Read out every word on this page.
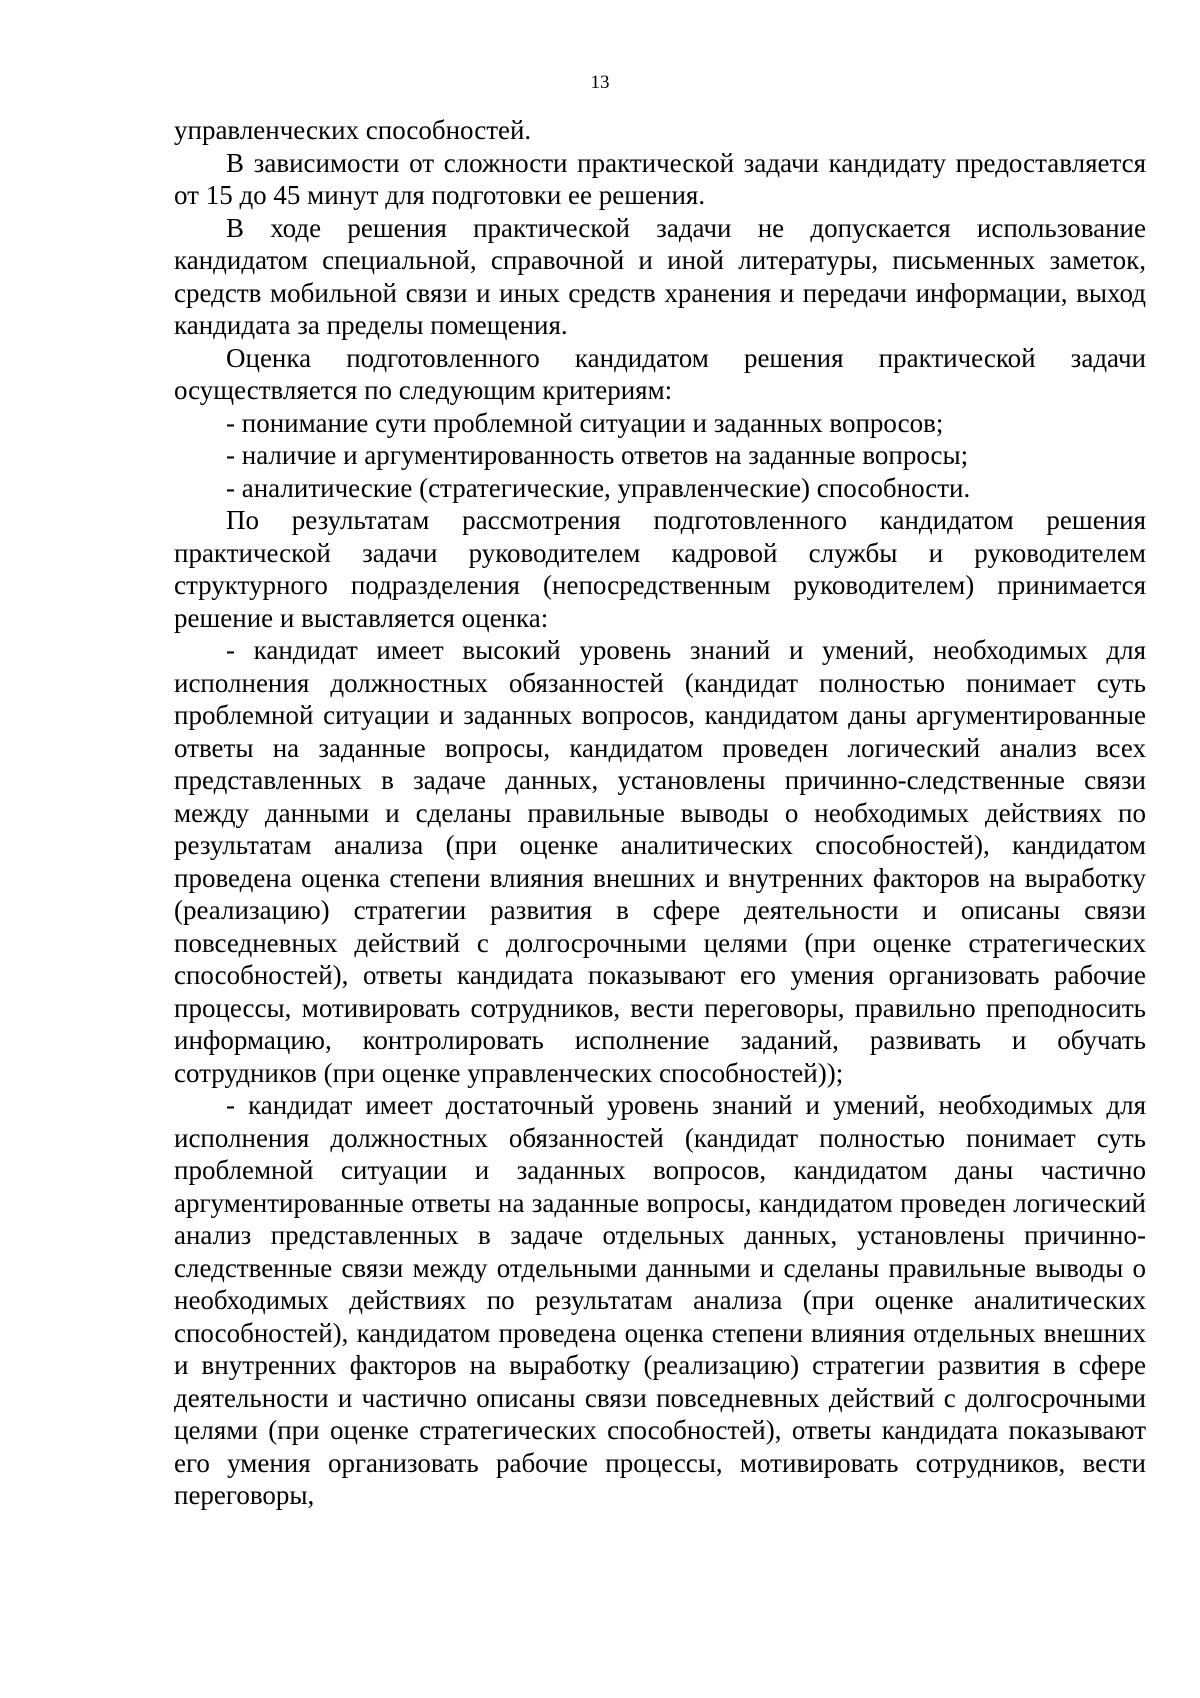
13

управленческих способностей.

В зависимости от сложности практической задачи кандидату предоставляется от 15 до 45 минут для подготовки ее решения.

В ходе решения практической задачи не допускается использование кандидатом специальной, справочной и иной литературы, письменных заметок, средств мобильной связи и иных средств хранения и передачи информации, выход кандидата за пределы помещения.

Оценка подготовленного кандидатом решения практической задачи осуществляется по следующим критериям:

- понимание сути проблемной ситуации и заданных вопросов;

- наличие и аргументированность ответов на заданные вопросы;

- аналитические (стратегические, управленческие) способности.

По результатам рассмотрения подготовленного кандидатом решения практической задачи руководителем кадровой службы и руководителем структурного подразделения (непосредственным руководителем) принимается решение и выставляется оценка:

- кандидат имеет высокий уровень знаний и умений, необходимых для исполнения должностных обязанностей (кандидат полностью понимает суть проблемной ситуации и заданных вопросов, кандидатом даны аргументированные ответы на заданные вопросы, кандидатом проведен логический анализ всех представленных в задаче данных, установлены причинно-следственные связи между данными и сделаны правильные выводы о необходимых действиях по результатам анализа (при оценке аналитических способностей), кандидатом проведена оценка степени влияния внешних и внутренних факторов на выработку (реализацию) стратегии развития в сфере деятельности и описаны связи повседневных действий с долгосрочными целями (при оценке стратегических способностей), ответы кандидата показывают его умения организовать рабочие процессы, мотивировать сотрудников, вести переговоры, правильно преподносить информацию, контролировать исполнение заданий, развивать и обучать сотрудников (при оценке управленческих способностей));

- кандидат имеет достаточный уровень знаний и умений, необходимых для исполнения должностных обязанностей (кандидат полностью понимает суть проблемной ситуации и заданных вопросов, кандидатом даны частично аргументированные ответы на заданные вопросы, кандидатом проведен логический анализ представленных в задаче отдельных данных, установлены причинно-следственные связи между отдельными данными и сделаны правильные выводы о необходимых действиях по результатам анализа (при оценке аналитических способностей), кандидатом проведена оценка степени влияния отдельных внешних и внутренних факторов на выработку (реализацию) стратегии развития в сфере деятельности и частично описаны связи повседневных действий с долгосрочными целями (при оценке стратегических способностей), ответы кандидата показывают его умения организовать рабочие процессы, мотивировать сотрудников, вести переговоры,
